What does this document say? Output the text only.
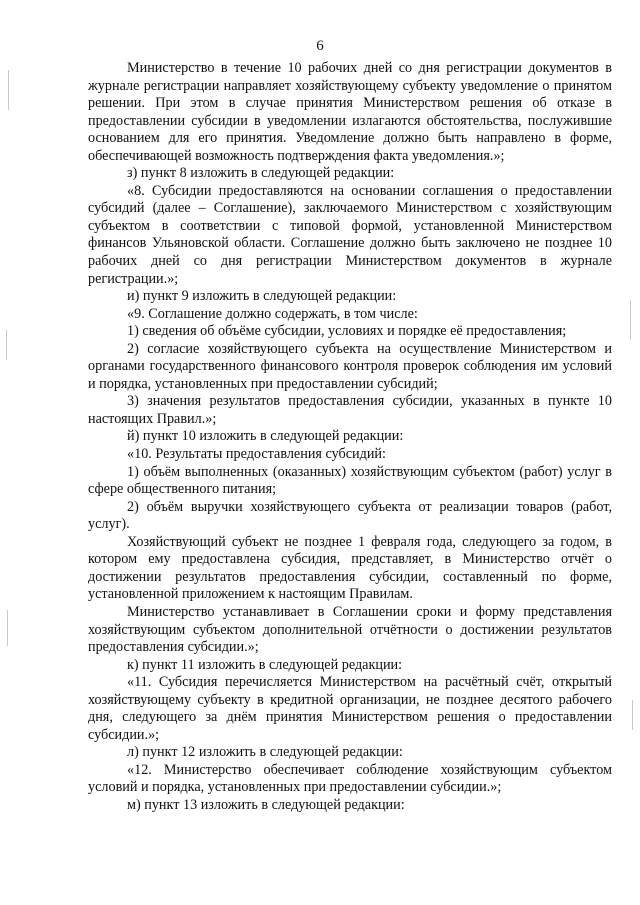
6

Министерство в течение 10 рабочих дней со дня регистрации документов в журнале регистрации направляет хозяйствующему субъекту уведомление о принятом решении. При этом в случае принятия Министерством решения об отказе в предоставлении субсидии в уведомлении излагаются обстоятельства, послужившие основанием для его принятия. Уведомление должно быть направлено в форме, обеспечивающей возможность подтверждения факта уведомления.»;

з) пункт 8 изложить в следующей редакции:

«8. Субсидии предоставляются на основании соглашения о предоставлении субсидий (далее – Соглашение), заключаемого Министерством с хозяйствующим субъектом в соответствии с типовой формой, установленной Министерством финансов Ульяновской области. Соглашение должно быть заключено не позднее 10 рабочих дней со дня регистрации Министерством документов в журнале регистрации.»;

и) пункт 9 изложить в следующей редакции:

«9. Соглашение должно содержать, в том числе:

1) сведения об объёме субсидии, условиях и порядке её предоставления;

2) согласие хозяйствующего субъекта на осуществление Министерством и органами государственного финансового контроля проверок соблюдения им условий и порядка, установленных при предоставлении субсидий;

3) значения результатов предоставления субсидии, указанных в пункте 10 настоящих Правил.»;

й) пункт 10 изложить в следующей редакции:

«10. Результаты предоставления субсидий:

1) объём выполненных (оказанных) хозяйствующим субъектом (работ) услуг в сфере общественного питания;

2) объём выручки хозяйствующего субъекта от реализации товаров (работ, услуг).

Хозяйствующий субъект не позднее 1 февраля года, следующего за годом, в котором ему предоставлена субсидия, представляет, в Министерство отчёт о достижении результатов предоставления субсидии, составленный по форме, установленной приложением к настоящим Правилам.

Министерство устанавливает в Соглашении сроки и форму представления хозяйствующим субъектом дополнительной отчётности о достижении результатов предоставления субсидии.»;

к) пункт 11 изложить в следующей редакции:

«11. Субсидия перечисляется Министерством на расчётный счёт, открытый хозяйствующему субъекту в кредитной организации, не позднее десятого рабочего дня, следующего за днём принятия Министерством решения о предоставлении субсидии.»;

л) пункт 12 изложить в следующей редакции:

«12. Министерство обеспечивает соблюдение хозяйствующим субъектом условий и порядка, установленных при предоставлении субсидии.»;

м) пункт 13 изложить в следующей редакции:
